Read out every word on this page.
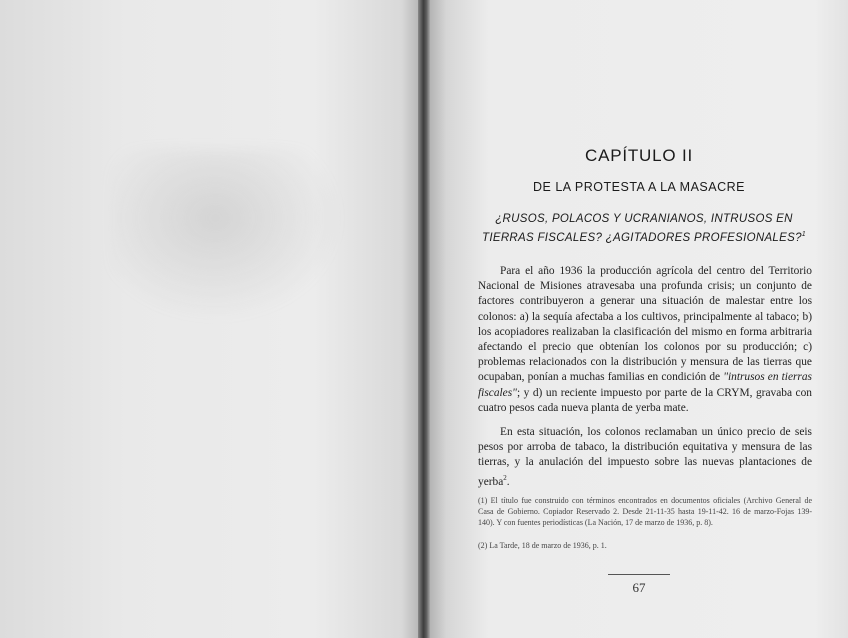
CAPÍTULO II
DE LA PROTESTA A LA MASACRE
¿RUSOS, POLACOS Y UCRANIANOS, INTRUSOS EN TIERRAS FISCALES? ¿AGITADORES PROFESIONALES?$^1$

Para el año 1936 la producción agrícola del centro del Territorio Nacional de Misiones atravesaba una profunda crisis; un conjunto de factores contribuyeron a generar una situación de malestar entre los colonos: a) la sequía afectaba a los cultivos, principalmente al tabaco; b) los acopiadores realizaban la clasificación del mismo en forma arbitraria afectando el precio que obtenían los colonos por su producción; c) problemas relacionados con la distribución y mensura de las tierras que ocupaban, ponían a muchas familias en condición de "intrusos en tierras fiscales"; y d) un reciente impuesto por parte de la CRYM, gravaba con cuatro pesos cada nueva planta de yerba mate.

En esta situación, los colonos reclamaban un único precio de seis pesos por arroba de tabaco, la distribución equitativa y mensura de las tierras, y la anulación del impuesto sobre las nuevas plantaciones de yerba$^2$.

(1) El título fue construido con términos encontrados en documentos oficiales (Archivo General de Casa de Gobierno. Copiador Reservado 2. Desde 21-11-35 hasta 19-11-42. 16 de marzo-Fojas 139-140). Y con fuentes periodísticas (La Nación, 17 de marzo de 1936, p. 8).

(2) La Tarde, 18 de marzo de 1936, p. 1.

67
